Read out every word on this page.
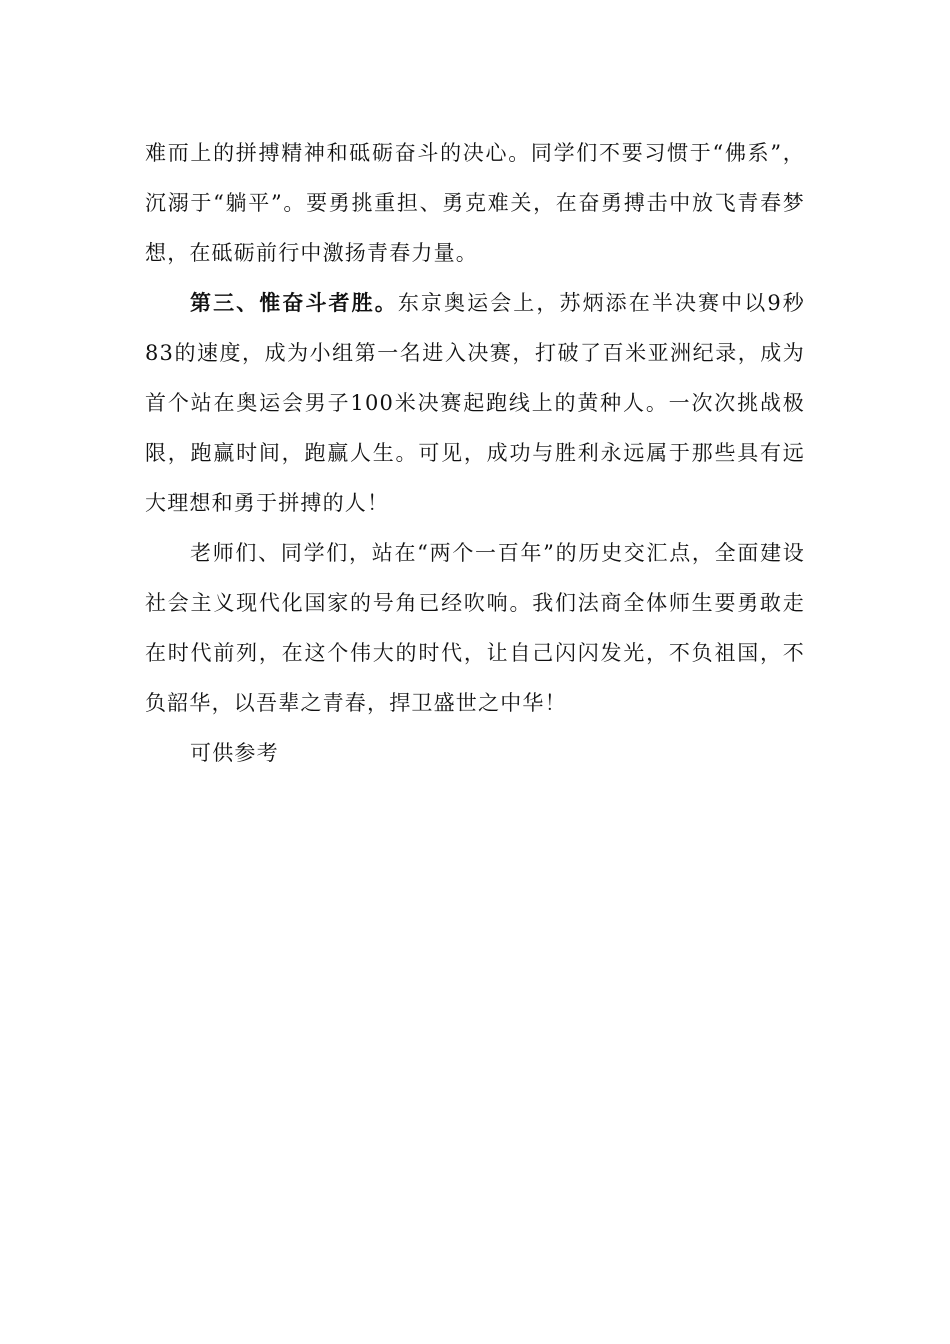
难而上的拼搏精神和砥砺奋斗的决心。同学们不要习惯于“佛系”，沉溺于“躺平”。要勇挑重担、勇克难关，在奋勇搏击中放飞青春梦想，在砥砺前行中激扬青春力量。

第三、惟奋斗者胜。东京奥运会上，苏炳添在半决赛中以9秒83的速度，成为小组第一名进入决赛，打破了百米亚洲纪录，成为首个站在奥运会男子100米决赛起跑线上的黄种人。一次次挑战极限，跑赢时间，跑赢人生。可见，成功与胜利永远属于那些具有远大理想和勇于拼搏的人！

老师们、同学们，站在“两个一百年”的历史交汇点，全面建设社会主义现代化国家的号角已经吹响。我们法商全体师生要勇敢走在时代前列，在这个伟大的时代，让自己闪闪发光，不负祖国，不负韶华，以吾辈之青春，捍卫盛世之中华！

可供参考
